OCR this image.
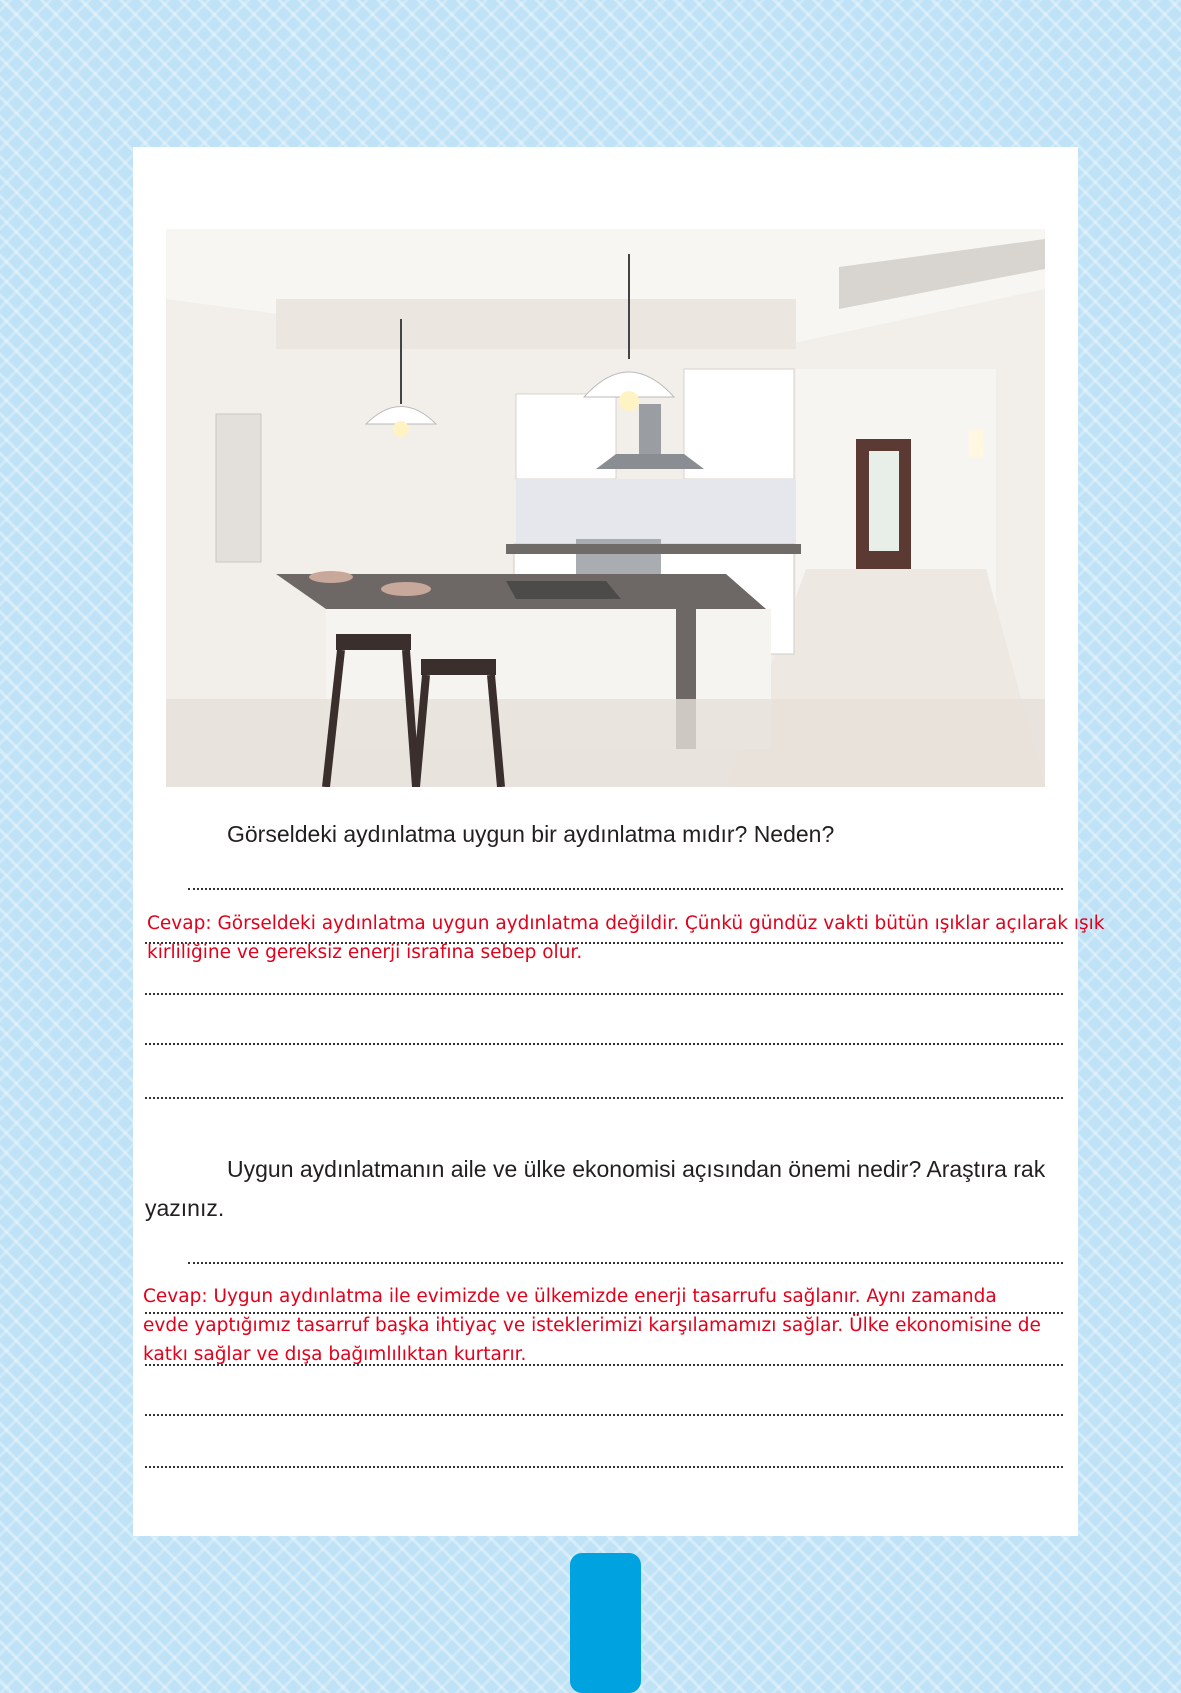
Görseldeki aydınlatma uygun bir aydınlatma mıdır? Neden?
Cevap: Görseldeki aydınlatma uygun aydınlatma değildir. Çünkü gündüz vakti bütün ışıklar açılarak ışık
kirliliğine ve gereksiz enerji israfına sebep olur.
Uygun aydınlatmanın aile ve ülke ekonomisi açısından önemi nedir? Araştıra rak yazınız.
Cevap: Uygun aydınlatma ile evimizde ve ülkemizde enerji tasarrufu sağlanır. Aynı zamanda
evde yaptığımız tasarruf başka ihtiyaç ve isteklerimizi karşılamamızı sağlar. Ülke ekonomisine de
katkı sağlar ve dışa bağımlılıktan kurtarır.
